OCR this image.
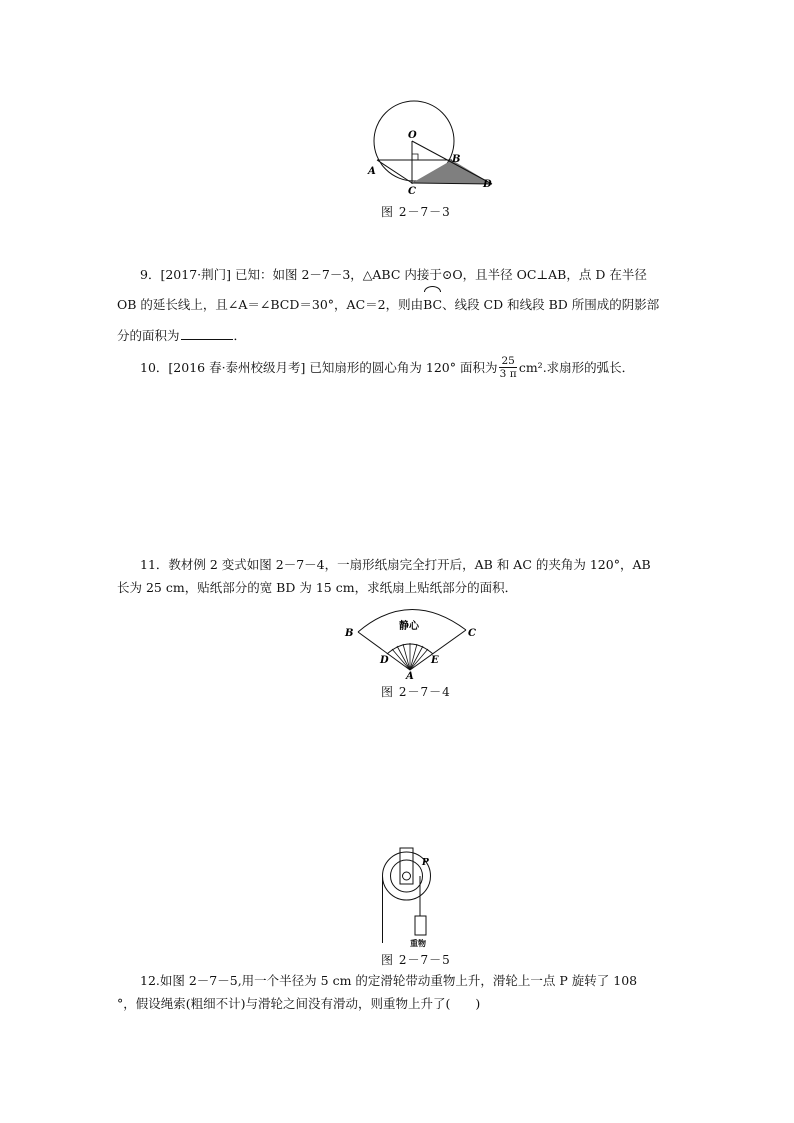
O
A
B
C
D
图 2－7－3
9．[2017·荆门] 已知：如图 2－7－3，△ABC 内接于⊙O，且半径 OC⊥AB，点 D 在半径
OB 的延长线上，且∠A＝∠BCD＝30°，AC＝2，则由BC、线段 CD 和线段 BD 所围成的阴影部
分的面积为	．
10．[2016 春·泰州校级月考] 已知扇形的圆心角为 120° 面积为 $\frac{25}{3 \pi} cm^2$.求扇形的弧长．
11．教材例 2 变式如图 2－7－4，一扇形纸扇完全打开后，AB 和 AC 的夹角为 120°，AB
长为 25 cm，贴纸部分的宽 BD 为 15 cm，求纸扇上贴纸部分的面积．
静心
B	C
D	E
A
图 2－7－4
P
重物
图 2－7－5
12.如图 2－7－5,用一个半径为 5 cm 的定滑轮带动重物上升，滑轮上一点 P 旋转了 108
°，假设绳索(粗细不计)与滑轮之间没有滑动，则重物上升了(　　)
